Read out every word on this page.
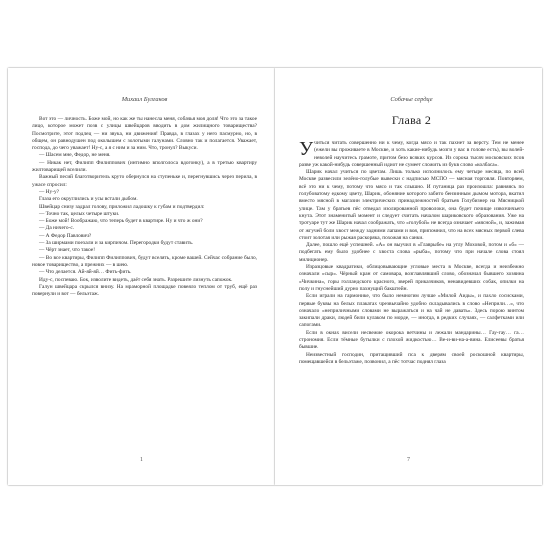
Михаил Булгаков

Вот это — личность. Боже мой, но как же ты нанесла меня, собачья моя доля! Что это за такое лицо, которое может позв с улицы швейцаров вводить в дом жилищного товарищества? Посмотрите, этот подлец — ни звука, ни движения! Правда, в глазах у него пасмурно, но, в общем, он равнодушен под околышем с золотыми галунами. Словно так и полагается. Уважает, господа, до чего уважает! Ну-с, а я с ним и за ним. Что, тронул? Выкуси.

— Шасем мне, Федор, не меня.

— Никак нет, Филипп Филиппович (интимно вполголоса вдогонку), а в третью квартиру жилтоварищей вселили.

Важный песий благотворитель круто обернулся на ступеньке и, перегнувшись через перила, в ужасе спросил:

— Ну-у?

Глаза его округлились и усы встали дыбом.

Швейцар снизу задрал голову, приложил ладошку к губам и подтвердил:

— Точно так, целых четыре штуки.

— Боже мой! Воображаю, что теперь будет в квартире. Ну и что ж они?

— Да ничего-с.

— А Федор Павлович?

— За ширмами поехали и за кирпичом. Перегородки будут ставить.

— Чёрт знает, что такое!

— Во все квартиры, Филипп Филиппович, будут вселять, кроме вашей. Сейчас собрание было, новое товарищество, а прежних — в шею.

— Что делается. Ай-яй-яй… Фить-фить.

Иду-с, поспеваю. Бок, изволите видеть, даёт себя знать. Разрешите лизнуть сапожок.

Галун швейцара скрылся внизу. На мраморной площадке повеяло теплом от труб, ещё раз повернули и вот — бельэтаж.

1
Собачье сердце
Глава 2

Учиться читать совершенно ни к чему, когда мясо и так пахнет за версту. Тем не менее (ежели вы проживаете в Москве, и хоть какие-нибудь мозги у вас в голове есть), вы волей-неволей научитесь грамоте, притом безо всяких курсов. Из сорока тысяч московских псов разве уж какой-нибудь совершенный идиот не сумеет сложить из букв слово «колбаса».

Шарик начал учиться по цветам. Лишь только исполнилось ему четыре месяца, по всей Москве развесили зелёно-голубые вывески с надписью МСПО — мясная торговля. Повторяем, всё это ни к чему, потому что мясо и так слышно. И путаница раз произошла: равняясь по голубоватому едкому цвету, Шарик, обоняние которого забито бензинным дымом мотора, вкатил вместо мясной в магазин электрических принадлежностей братьев Голубизнер на Мясницкой улице. Там у братьев пёс отведал изолированной проволоки, она будет почище извозчичьего кнута. Этот знаменитый момент и следует считать началом шариковского образования. Уже на тротуаре тут же Шарик начал соображать, что «голубой» не всегда означает «мясной», и, зажимая от жгучей боли хвост между задними лапами и воя, припомнил, что на всех мясных первой слева стоит золотая или рыжая раскоряка, похожая на санки.

Далее, пошло ещё успешней. «А» он выучил в «Главрыбе» на углу Моховой, потом и «б» — подбегать ему было удобнее с хвоста слова «рыба», потому что при начале слова стоял милиционер.

Изразцовые квадратики, облицовывающие угловые места в Москве, всегда и неизбежно означали «сыр». Чёрный кран от самовара, возглавлявший слово, обозначал бывшего хозяина «Чичкина», горы голландского красного, зверей приказчиков, ненавидевших собак, опилки на полу и гнуснейший дурно пахнущий бакштейн.

Если играли на гармонике, что было немногим лучше «Милой Аиды», и пахло сосисками, первые буквы на белых плакатах чрезвычайно удобно складывались в слово «Неприли…», что означало «неприличными словами не выражаться и на чай не давать». Здесь порою винтом закипали драки, людей били кулаком по морде, — иногда, в редких случаях, — салфетками или сапогами.

Если в окнах висели несвежие окорока ветчины и лежали мандарины… Гау-гау… га… строномия. Если тёмные бутылки с плохой жидкостью… Ве-и-ви-на-а-вина. Елисеевы братья бывшие.

Неизвестный господин, притащивший пса к дверям своей роскошной квартиры, помещавшейся в бельэтаже, позвонил, а пёс тотчас поднял глаза

7
